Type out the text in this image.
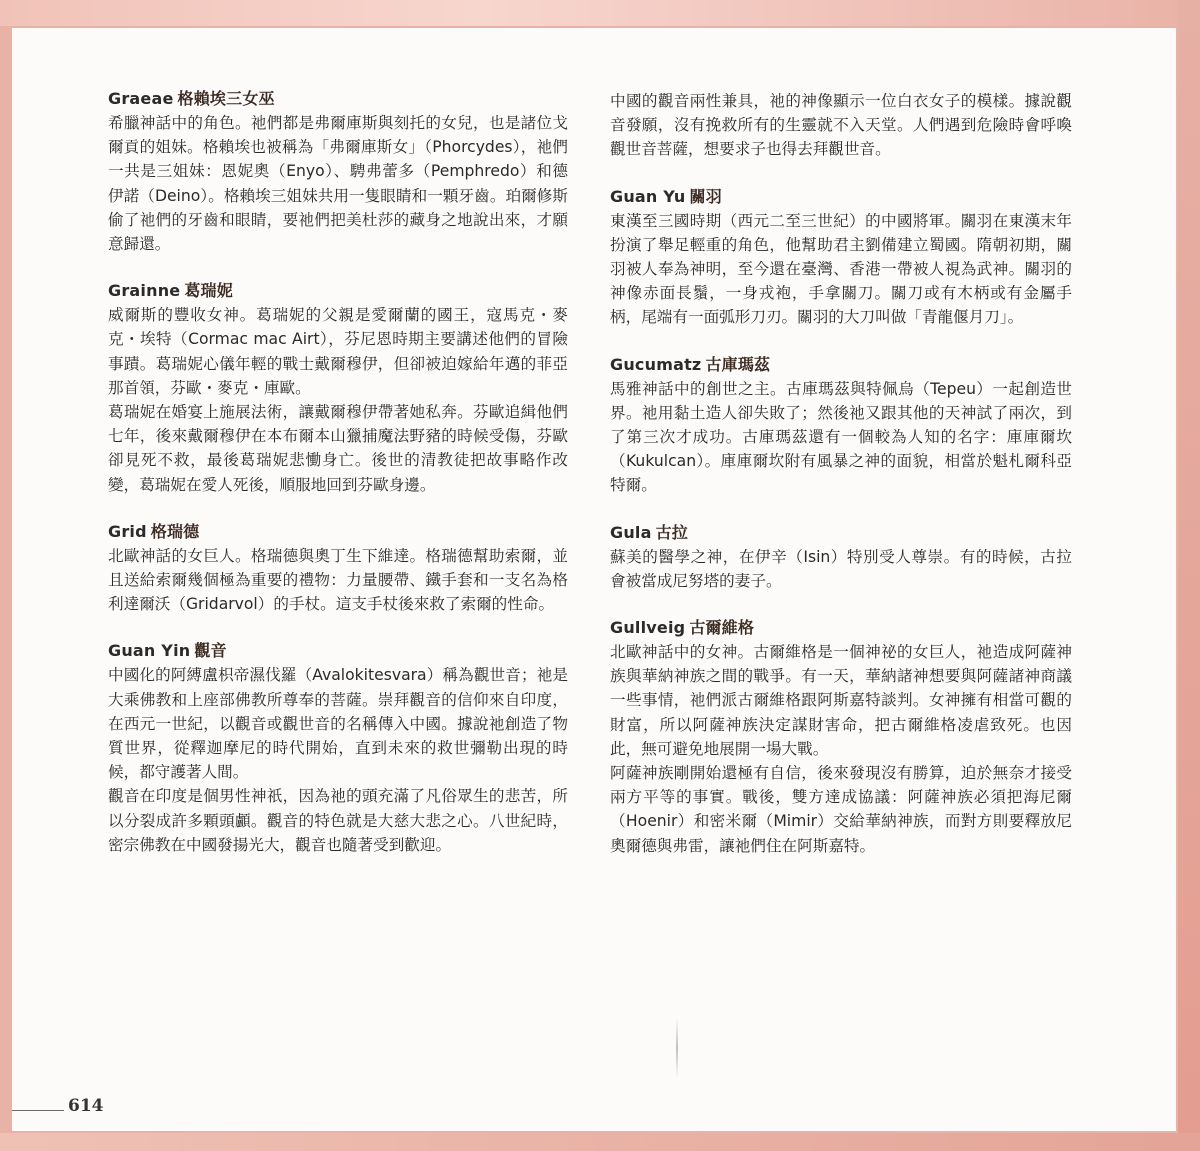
Graeae 格賴埃三女巫

希臘神話中的角色。祂們都是弗爾庫斯與刻托的女兒，也是諸位戈爾貢的姐妹。格賴埃也被稱為「弗爾庫斯女」（Phorcydes），祂們一共是三姐妹：恩妮奧（Enyo）、騁弗蕾多（Pemphredo）和德伊諾（Deino）。格賴埃三姐妹共用一隻眼睛和一顆牙齒。珀爾修斯偷了祂們的牙齒和眼睛，要祂們把美杜莎的藏身之地說出來，才願意歸還。

Grainne 葛瑞妮

威爾斯的豐收女神。葛瑞妮的父親是愛爾蘭的國王，寇馬克・麥克・埃特（Cormac mac Airt），芬尼恩時期主要講述他們的冒險事蹟。葛瑞妮心儀年輕的戰士戴爾穆伊，但卻被迫嫁給年邁的菲亞那首領，芬歐・麥克・庫歐。

葛瑞妮在婚宴上施展法術，讓戴爾穆伊帶著她私奔。芬歐追緝他們七年，後來戴爾穆伊在本布爾本山獵捕魔法野豬的時候受傷，芬歐卻見死不救，最後葛瑞妮悲慟身亡。後世的清教徒把故事略作改變，葛瑞妮在愛人死後，順服地回到芬歐身邊。

Grid 格瑞德

北歐神話的女巨人。格瑞德與奧丁生下維達。格瑞德幫助索爾，並且送給索爾幾個極為重要的禮物：力量腰帶、鐵手套和一支名為格利達爾沃（Gridarvol）的手杖。這支手杖後來救了索爾的性命。

Guan Yin 觀音

中國化的阿縛盧枳帝濕伐羅（Avalokitesvara）稱為觀世音；祂是大乘佛教和上座部佛教所尊奉的菩薩。崇拜觀音的信仰來自印度，在西元一世紀，以觀音或觀世音的名稱傳入中國。據說祂創造了物質世界，從釋迦摩尼的時代開始，直到未來的救世彌勒出現的時候，都守護著人間。

觀音在印度是個男性神祇，因為祂的頭充滿了凡俗眾生的悲苦，所以分裂成許多顆頭顱。觀音的特色就是大慈大悲之心。八世紀時，密宗佛教在中國發揚光大，觀音也隨著受到歡迎。

中國的觀音兩性兼具，祂的神像顯示一位白衣女子的模樣。據說觀音發願，沒有挽救所有的生靈就不入天堂。人們遇到危險時會呼喚觀世音菩薩，想要求子也得去拜觀世音。

Guan Yu 關羽

東漢至三國時期（西元二至三世紀）的中國將軍。關羽在東漢末年扮演了舉足輕重的角色，他幫助君主劉備建立蜀國。隋朝初期，關羽被人奉為神明，至今還在臺灣、香港一帶被人視為武神。關羽的神像赤面長鬚，一身戎袍，手拿關刀。關刀或有木柄或有金屬手柄，尾端有一面弧形刀刃。關羽的大刀叫做「青龍偃月刀」。

Gucumatz 古庫瑪茲

馬雅神話中的創世之主。古庫瑪茲與特佩烏（Tepeu）一起創造世界。祂用黏土造人卻失敗了；然後祂又跟其他的天神試了兩次，到了第三次才成功。古庫瑪茲還有一個較為人知的名字：庫庫爾坎（Kukulcan）。庫庫爾坎附有風暴之神的面貌，相當於魁札爾科亞特爾。

Gula 古拉

蘇美的醫學之神，在伊辛（Isin）特別受人尊崇。有的時候，古拉會被當成尼努塔的妻子。

Gullveig 古爾維格

北歐神話中的女神。古爾維格是一個神祕的女巨人，祂造成阿薩神族與華納神族之間的戰爭。有一天，華納諸神想要與阿薩諸神商議一些事情，祂們派古爾維格跟阿斯嘉特談判。女神擁有相當可觀的財富，所以阿薩神族決定謀財害命，把古爾維格凌虐致死。也因此，無可避免地展開一場大戰。

阿薩神族剛開始還極有自信，後來發現沒有勝算，迫於無奈才接受兩方平等的事實。戰後，雙方達成協議：阿薩神族必須把海尼爾（Hoenir）和密米爾（Mimir）交給華納神族，而對方則要釋放尼奧爾德與弗雷，讓祂們住在阿斯嘉特。

614
